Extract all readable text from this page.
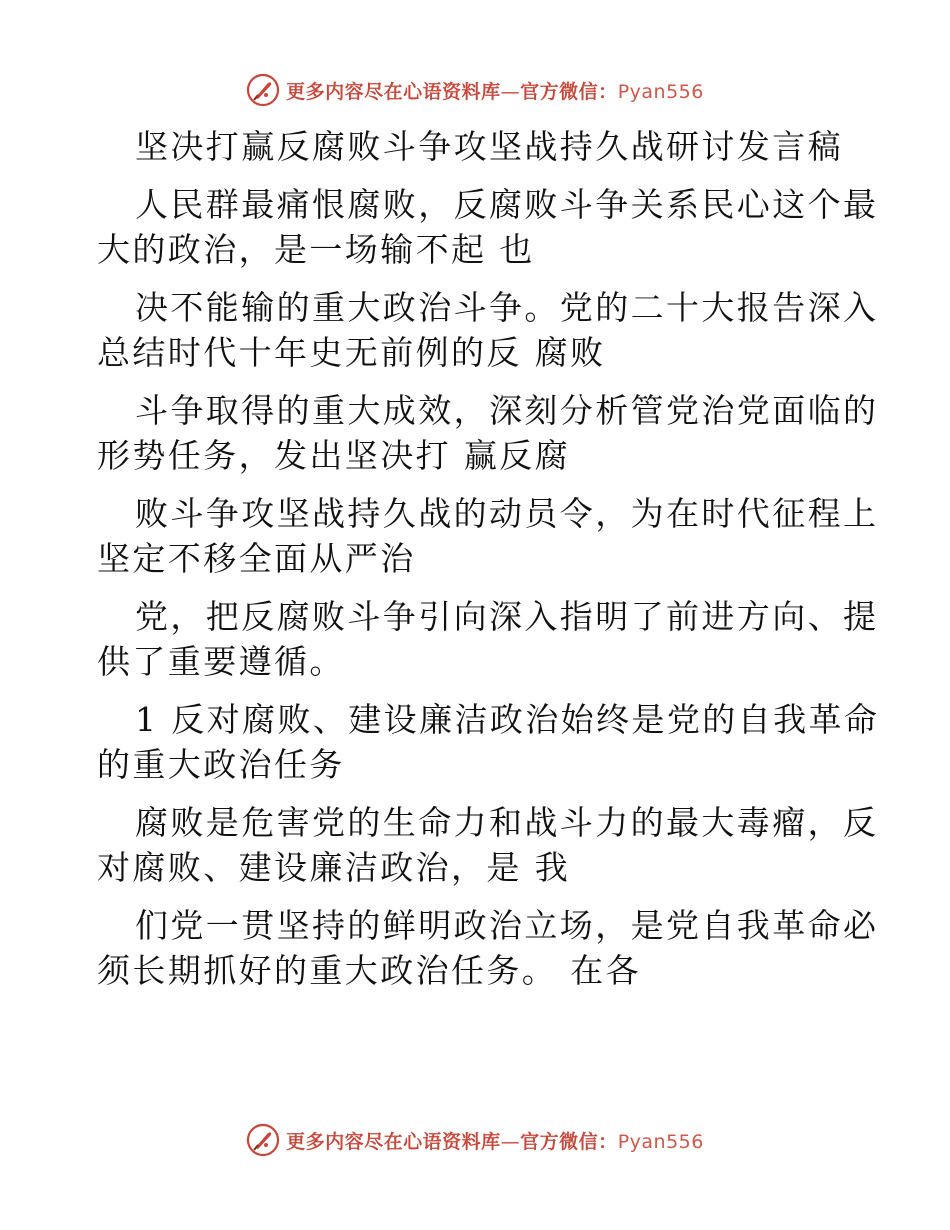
更多内容尽在心语资料库—官方微信：Pyan556
坚决打赢反腐败斗争攻坚战持久战研讨发言稿
人民群最痛恨腐败，反腐败斗争关系民心这个最
大的政治，是一场输不起 也
决不能输的重大政治斗争。党的二十大报告深入
总结时代十年史无前例的反 腐败
斗争取得的重大成效，深刻分析管党治党面临的
形势任务，发出坚决打 赢反腐
败斗争攻坚战持久战的动员令，为在时代征程上
坚定不移全面从严治
党，把反腐败斗争引向深入指明了前进方向、提
供了重要遵循。
1 反对腐败、建设廉洁政治始终是党的自我革命
的重大政治任务
腐败是危害党的生命力和战斗力的最大毒瘤，反
对腐败、建设廉洁政治，是 我
们党一贯坚持的鲜明政治立场，是党自我革命必
须长期抓好的重大政治任务。 在各
更多内容尽在心语资料库—官方微信：Pyan556
